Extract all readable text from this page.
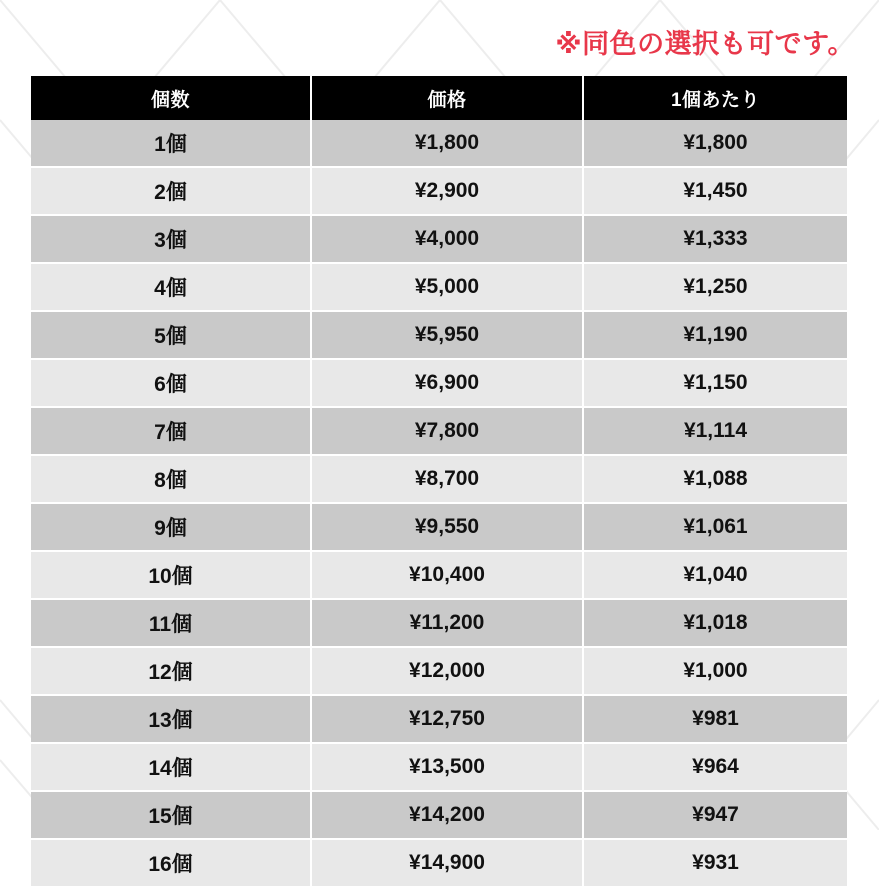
※同色の選択も可です。
個数	価格	1個あたり
1個	¥1,800	¥1,800
2個	¥2,900	¥1,450
3個	¥4,000	¥1,333
4個	¥5,000	¥1,250
5個	¥5,950	¥1,190
6個	¥6,900	¥1,150
7個	¥7,800	¥1,114
8個	¥8,700	¥1,088
9個	¥9,550	¥1,061
10個	¥10,400	¥1,040
11個	¥11,200	¥1,018
12個	¥12,000	¥1,000
13個	¥12,750	¥981
14個	¥13,500	¥964
15個	¥14,200	¥947
16個	¥14,900	¥931
